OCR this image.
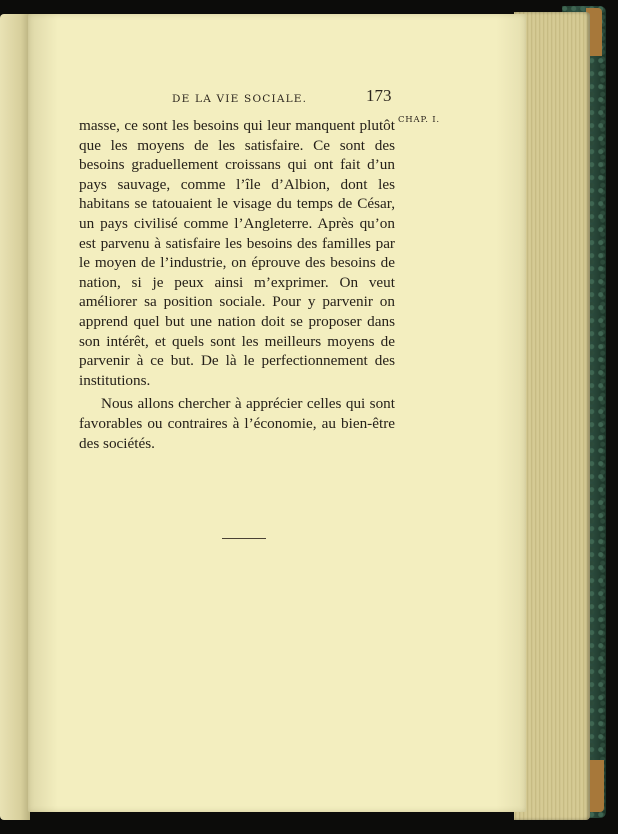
DE LA VIE SOCIALE.	173
CHAP. I.

masse, ce sont les besoins qui leur manquent plutôt que les moyens de les satisfaire. Ce sont des besoins graduellement croissans qui ont fait d’un pays sauvage, comme l’île d’Albion, dont les habitans se tatouaient le visage du temps de César, un pays civilisé comme l’Angleterre. Après qu’on est parvenu à satisfaire les besoins des familles par le moyen de l’industrie, on éprouve des besoins de nation, si je peux ainsi m’exprimer. On veut améliorer sa position sociale. Pour y parvenir on apprend quel but une nation doit se proposer dans son intérêt, et quels sont les meilleurs moyens de parvenir à ce but. De là le perfectionnement des institutions.

Nous allons chercher à apprécier celles qui sont favorables ou contraires à l’économie, au bien-être des sociétés.
